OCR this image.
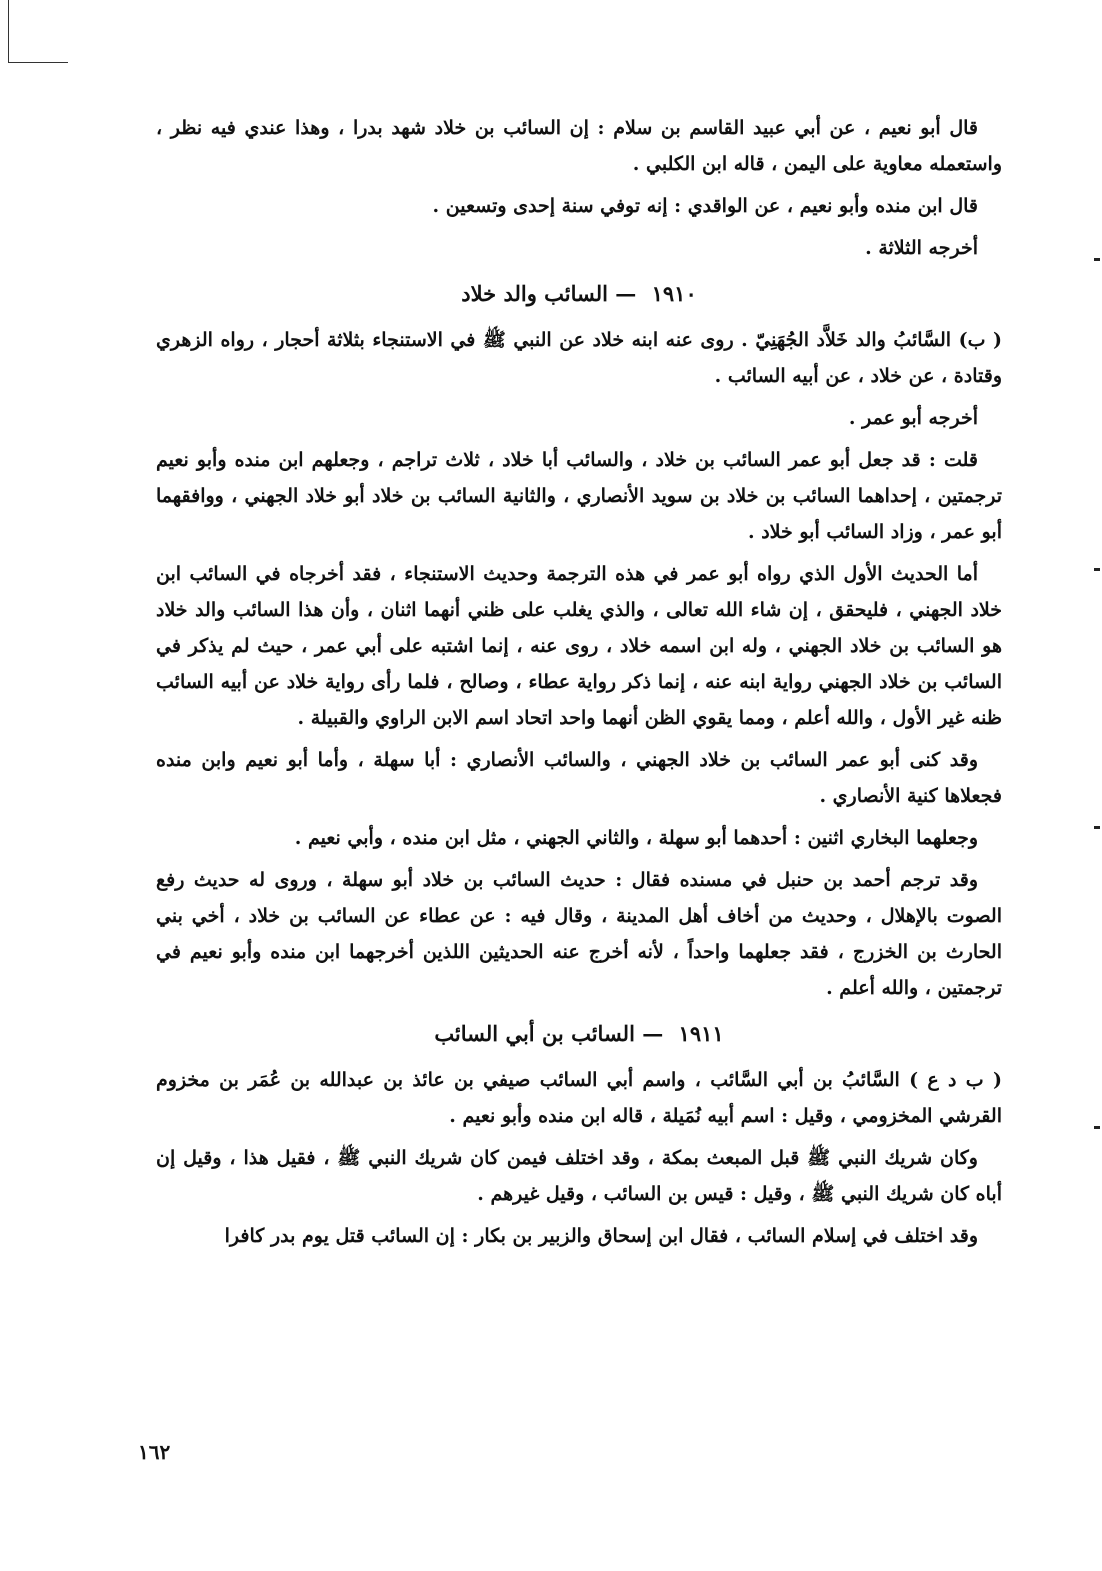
قال أبو نعيم ، عن أبي عبيد القاسم بن سلام : إن السائب بن خلاد شهد بدرا ، وهذا عندي فيه نظر ، واستعمله معاوية على اليمن ، قاله ابن الكلبي .

قال ابن منده وأبو نعيم ، عن الواقدي : إنه توفي سنة إحدى وتسعين .

أخرجه الثلاثة .

١٩١٠ — السائب والد خلاد

( ب) السَّائبُ والد خَلاَّد الجُهَنِيّ . روى عنه ابنه خلاد عن النبي ﷺ في الاستنجاء بثلاثة أحجار ، رواه الزهري وقتادة ، عن خلاد ، عن أبيه السائب .

أخرجه أبو عمر .

قلت : قد جعل أبو عمر السائب بن خلاد ، والسائب أبا خلاد ، ثلاث تراجم ، وجعلهم ابن منده وأبو نعيم ترجمتين ، إحداهما السائب بن خلاد بن سويد الأنصاري ، والثانية السائب بن خلاد أبو خلاد الجهني ، ووافقهما أبو عمر ، وزاد السائب أبو خلاد .

أما الحديث الأول الذي رواه أبو عمر في هذه الترجمة وحديث الاستنجاء ، فقد أخرجاه في السائب ابن خلاد الجهني ، فليحقق ، إن شاء الله تعالى ، والذي يغلب على ظني أنهما اثنان ، وأن هذا السائب والد خلاد هو السائب بن خلاد الجهني ، وله ابن اسمه خلاد ، روى عنه ، إنما اشتبه على أبي عمر ، حيث لم يذكر في السائب بن خلاد الجهني رواية ابنه عنه ، إنما ذكر رواية عطاء ، وصالح ، فلما رأى رواية خلاد عن أبيه السائب ظنه غير الأول ، والله أعلم ، ومما يقوي الظن أنهما واحد اتحاد اسم الابن الراوي والقبيلة .

وقد كنى أبو عمر السائب بن خلاد الجهني ، والسائب الأنصاري : أبا سهلة ، وأما أبو نعيم وابن منده فجعلاها كنية الأنصاري .

وجعلهما البخاري اثنين : أحدهما أبو سهلة ، والثاني الجهني ، مثل ابن منده ، وأبي نعيم .

وقد ترجم أحمد بن حنبل في مسنده فقال : حديث السائب بن خلاد أبو سهلة ، وروى له حديث رفع الصوت بالإهلال ، وحديث من أخاف أهل المدينة ، وقال فيه : عن عطاء عن السائب بن خلاد ، أخي بني الحارث بن الخزرج ، فقد جعلهما واحداً ، لأنه أخرج عنه الحديثين اللذين أخرجهما ابن منده وأبو نعيم في ترجمتين ، والله أعلم .

١٩١١ — السائب بن أبي السائب

( ب د ع ) السَّائبُ بن أبي السَّائب ، واسم أبي السائب صيفي بن عائذ بن عبدالله بن عُمَر بن مخزوم القرشي المخزومي ، وقيل : اسم أبيه نُمَيلة ، قاله ابن منده وأبو نعيم .

وكان شريك النبي ﷺ قبل المبعث بمكة ، وقد اختلف فيمن كان شريك النبي ﷺ ، فقيل هذا ، وقيل إن أباه كان شريك النبي ﷺ ، وقيل : قيس بن السائب ، وقيل غيرهم .

وقد اختلف في إسلام السائب ، فقال ابن إسحاق والزبير بن بكار : إن السائب قتل يوم بدر كافرا

١٦٢
